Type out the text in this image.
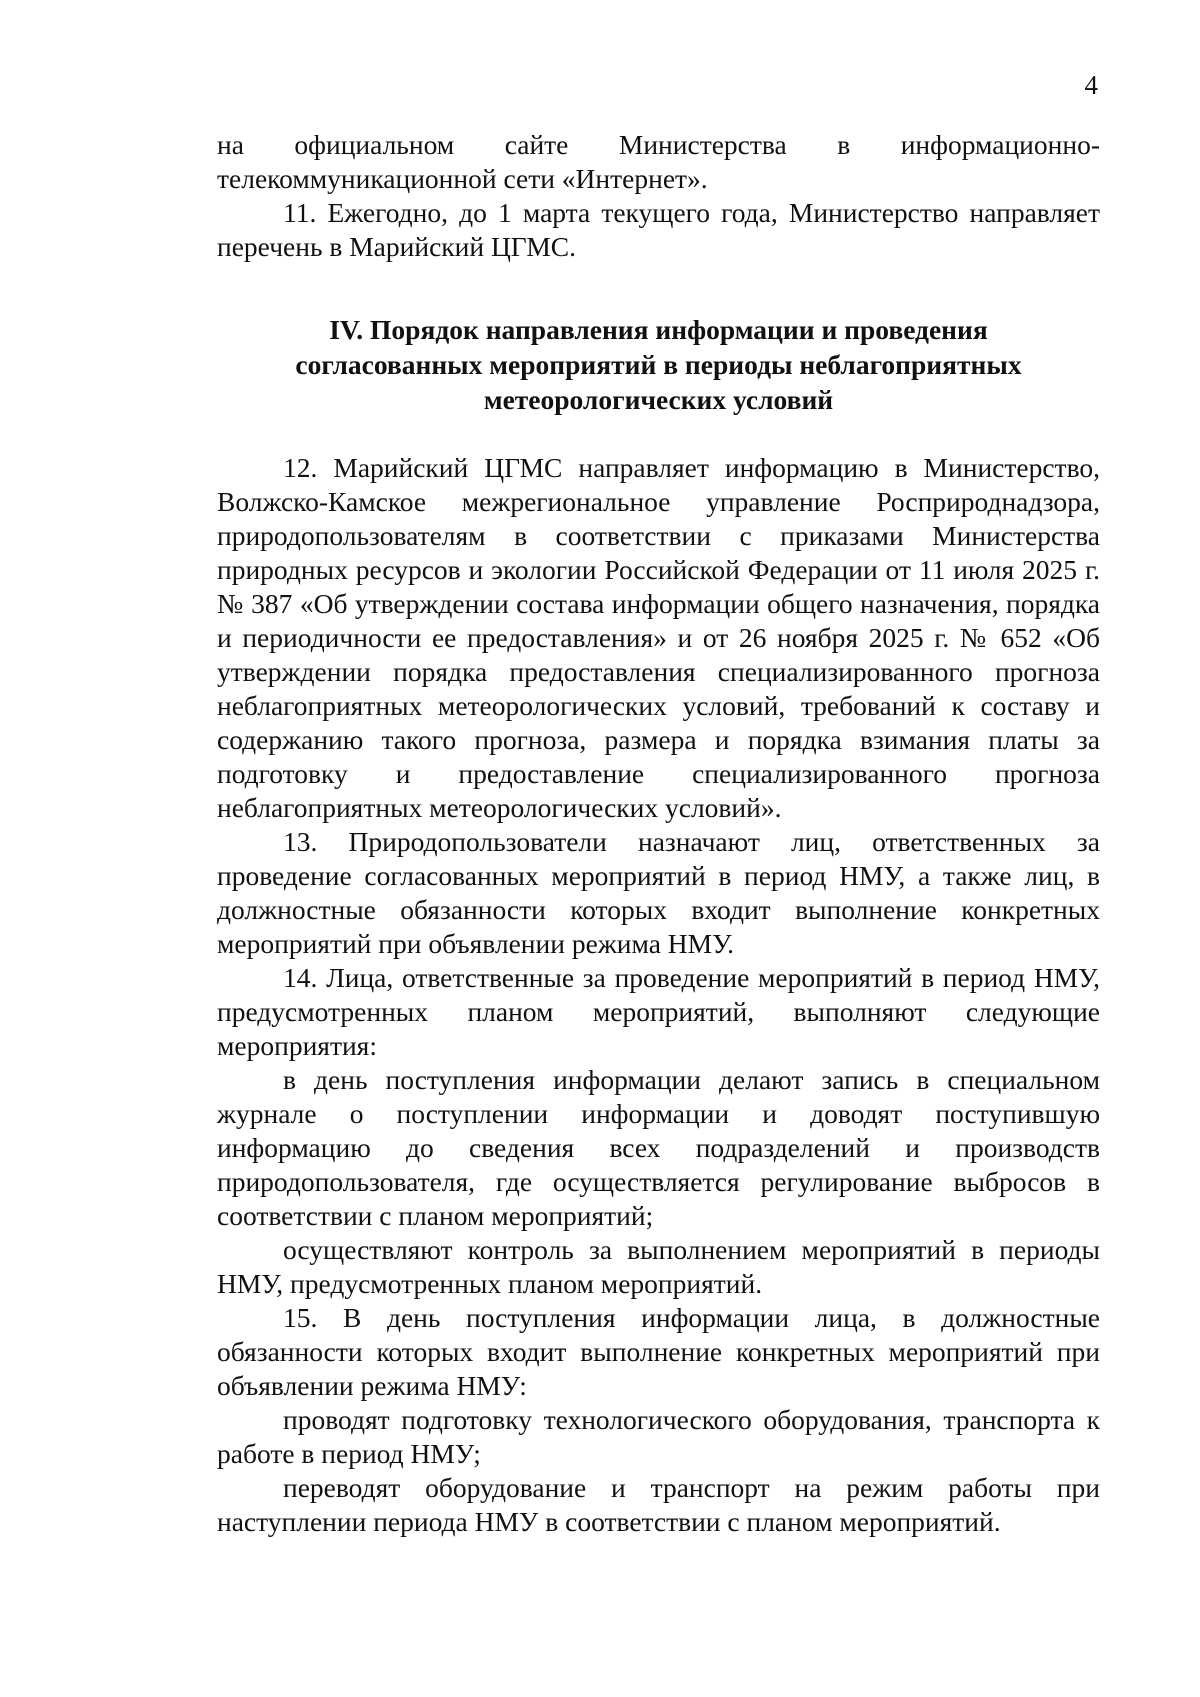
4

на официальном сайте Министерства в информационно-телекоммуникационной сети «Интернет».

11. Ежегодно, до 1 марта текущего года, Министерство направляет перечень в Марийский ЦГМС.

IV. Порядок направления информации и проведения
согласованных мероприятий в периоды неблагоприятных
метеорологических условий

12. Марийский ЦГМС направляет информацию в Министерство, Волжско-Камское межрегиональное управление Росприроднадзора, природопользователям в соответствии с приказами Министерства природных ресурсов и экологии Российской Федерации от 11 июля 2025 г. № 387 «Об утверждении состава информации общего назначения, порядка и периодичности ее предоставления» и от 26 ноября 2025 г. № 652 «Об утверждении порядка предоставления специализированного прогноза неблагоприятных метеорологических условий, требований к составу и содержанию такого прогноза, размера и порядка взимания платы за подготовку и предоставление специализированного прогноза неблагоприятных метеорологических условий».

13. Природопользователи назначают лиц, ответственных за проведение согласованных мероприятий в период НМУ, а также лиц, в должностные обязанности которых входит выполнение конкретных мероприятий при объявлении режима НМУ.

14. Лица, ответственные за проведение мероприятий в период НМУ, предусмотренных планом мероприятий, выполняют следующие мероприятия:

в день поступления информации делают запись в специальном журнале о поступлении информации и доводят поступившую информацию до сведения всех подразделений и производств природопользователя, где осуществляется регулирование выбросов в соответствии с планом мероприятий;

осуществляют контроль за выполнением мероприятий в периоды НМУ, предусмотренных планом мероприятий.

15. В день поступления информации лица, в должностные обязанности которых входит выполнение конкретных мероприятий при объявлении режима НМУ:

проводят подготовку технологического оборудования, транспорта к работе в период НМУ;

переводят оборудование и транспорт на режим работы при наступлении периода НМУ в соответствии с планом мероприятий.
